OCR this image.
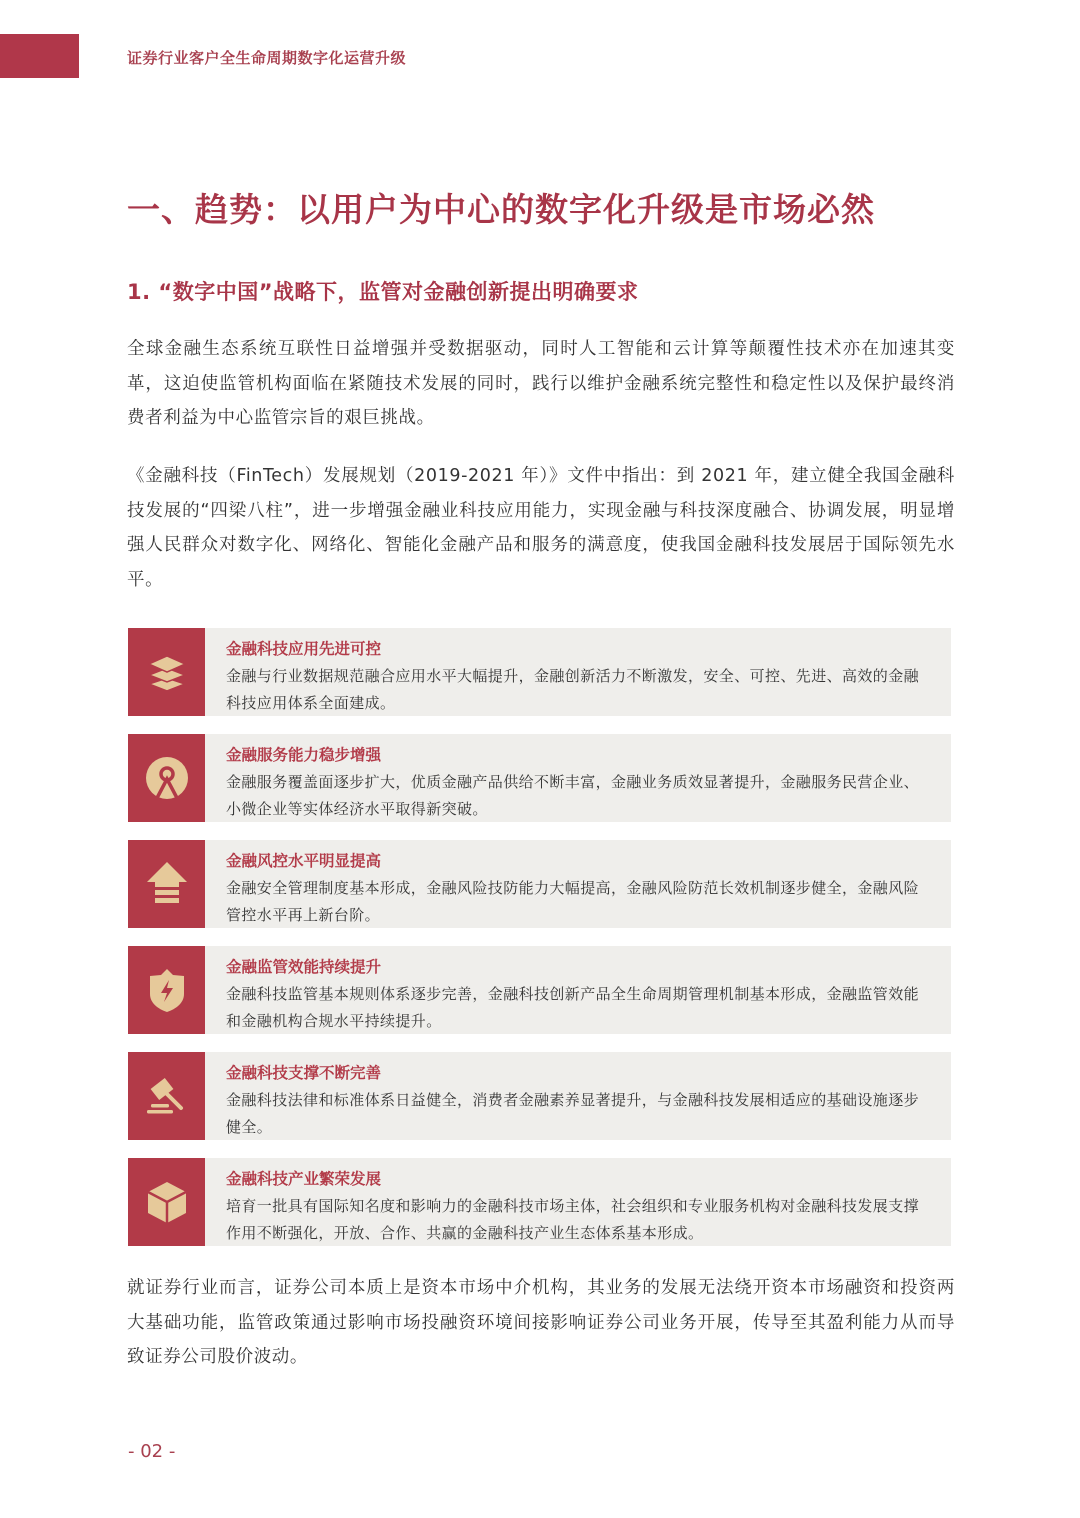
证券行业客户全生命周期数字化运营升级
一、趋势：以用户为中心的数字化升级是市场必然
1. “数字中国”战略下，监管对金融创新提出明确要求

全球金融生态系统互联性日益增强并受数据驱动，同时人工智能和云计算等颠覆性技术亦在加速其变革，这迫使监管机构面临在紧随技术发展的同时，践行以维护金融系统完整性和稳定性以及保护最终消费者利益为中心监管宗旨的艰巨挑战。

《金融科技（FinTech）发展规划（2019-2021 年）》文件中指出：到 2021 年，建立健全我国金融科技发展的“四梁八柱”，进一步增强金融业科技应用能力，实现金融与科技深度融合、协调发展，明显增强人民群众对数字化、网络化、智能化金融产品和服务的满意度，使我国金融科技发展居于国际领先水平。

金融科技应用先进可控
金融与行业数据规范融合应用水平大幅提升，金融创新活力不断激发，安全、可控、先进、高效的金融科技应用体系全面建成。
金融服务能力稳步增强
金融服务覆盖面逐步扩大，优质金融产品供给不断丰富，金融业务质效显著提升，金融服务民营企业、小微企业等实体经济水平取得新突破。
金融风控水平明显提高
金融安全管理制度基本形成，金融风险技防能力大幅提高，金融风险防范长效机制逐步健全，金融风险管控水平再上新台阶。
金融监管效能持续提升
金融科技监管基本规则体系逐步完善，金融科技创新产品全生命周期管理机制基本形成，金融监管效能和金融机构合规水平持续提升。
金融科技支撑不断完善
金融科技法律和标准体系日益健全，消费者金融素养显著提升，与金融科技发展相适应的基础设施逐步健全。
金融科技产业繁荣发展
培育一批具有国际知名度和影响力的金融科技市场主体，社会组织和专业服务机构对金融科技发展支撑作用不断强化，开放、合作、共赢的金融科技产业生态体系基本形成。

就证券行业而言，证券公司本质上是资本市场中介机构，其业务的发展无法绕开资本市场融资和投资两大基础功能，监管政策通过影响市场投融资环境间接影响证券公司业务开展，传导至其盈利能力从而导致证券公司股价波动。

- 02 -
